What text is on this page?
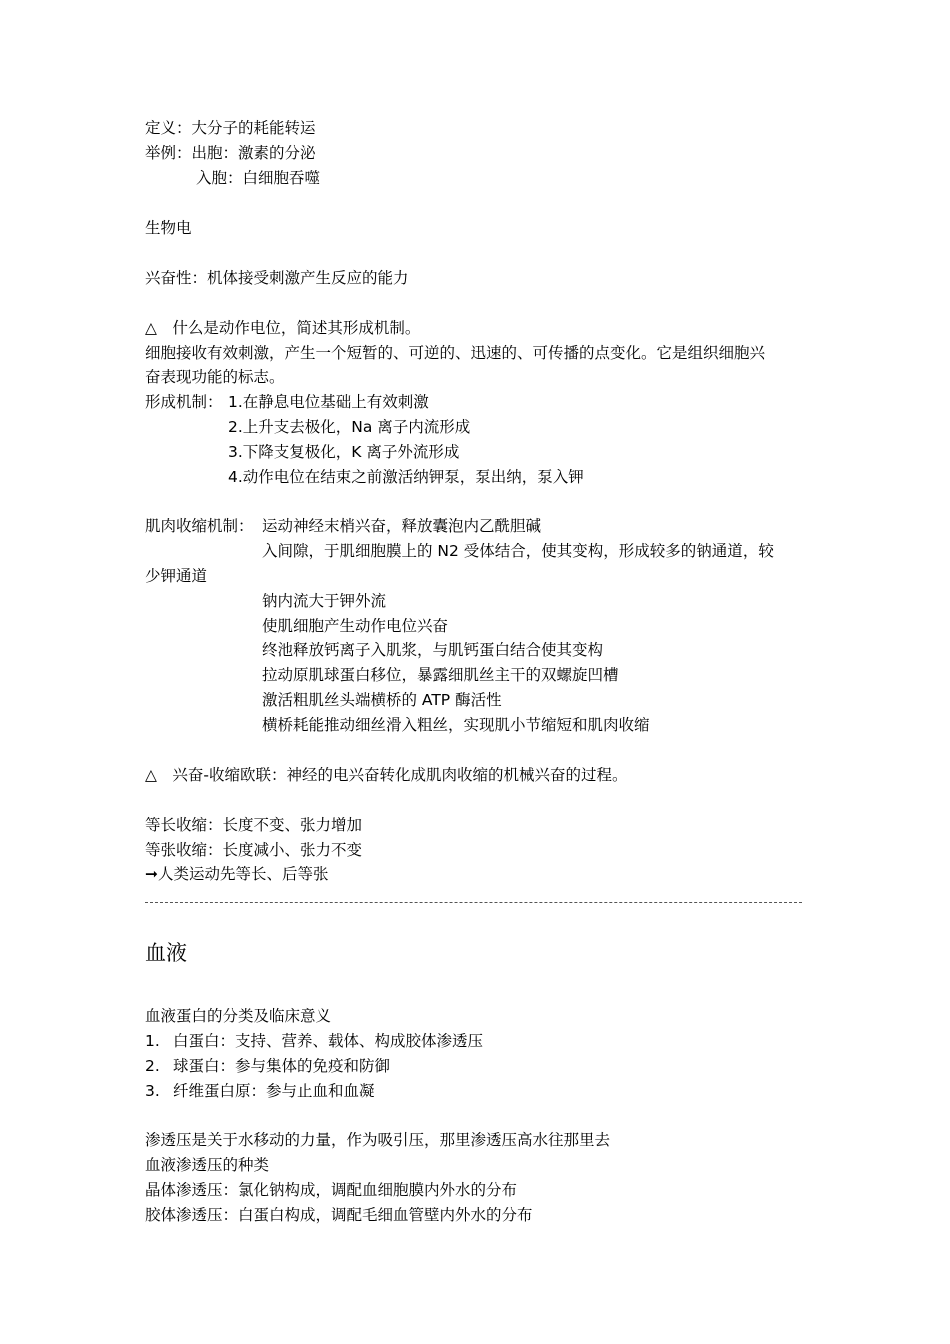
定义：大分子的耗能转运
举例：出胞：激素的分泌
入胞：白细胞吞噬
生物电
兴奋性：机体接受刺激产生反应的能力
△　什么是动作电位，简述其形成机制。
细胞接收有效刺激，产生一个短暂的、可逆的、迅速的、可传播的点变化。它是组织细胞兴
奋表现功能的标志。
形成机制： 1.在静息电位基础上有效刺激
2.上升支去极化，Na 离子内流形成
3.下降支复极化，K 离子外流形成
4.动作电位在结束之前激活纳钾泵，泵出纳，泵入钾
肌肉收缩机制： 运动神经末梢兴奋，释放囊泡内乙酰胆碱
入间隙，于肌细胞膜上的 N2 受体结合，使其变构，形成较多的钠通道，较
少钾通道
钠内流大于钾外流
使肌细胞产生动作电位兴奋
终池释放钙离子入肌浆，与肌钙蛋白结合使其变构
拉动原肌球蛋白移位，暴露细肌丝主干的双螺旋凹槽
激活粗肌丝头端横桥的 ATP 酶活性
横桥耗能推动细丝滑入粗丝，实现肌小节缩短和肌肉收缩
△　兴奋-收缩欧联：神经的电兴奋转化成肌肉收缩的机械兴奋的过程。
等长收缩：长度不变、张力增加
等张收缩：长度减小、张力不变
➞人类运动先等长、后等张
血液
血液蛋白的分类及临床意义
1. 白蛋白：支持、营养、载体、构成胶体渗透压
2. 球蛋白：参与集体的免疫和防御
3. 纤维蛋白原：参与止血和血凝
渗透压是关于水移动的力量，作为吸引压，那里渗透压高水往那里去
血液渗透压的种类
晶体渗透压：氯化钠构成，调配血细胞膜内外水的分布
胶体渗透压：白蛋白构成，调配毛细血管壁内外水的分布
